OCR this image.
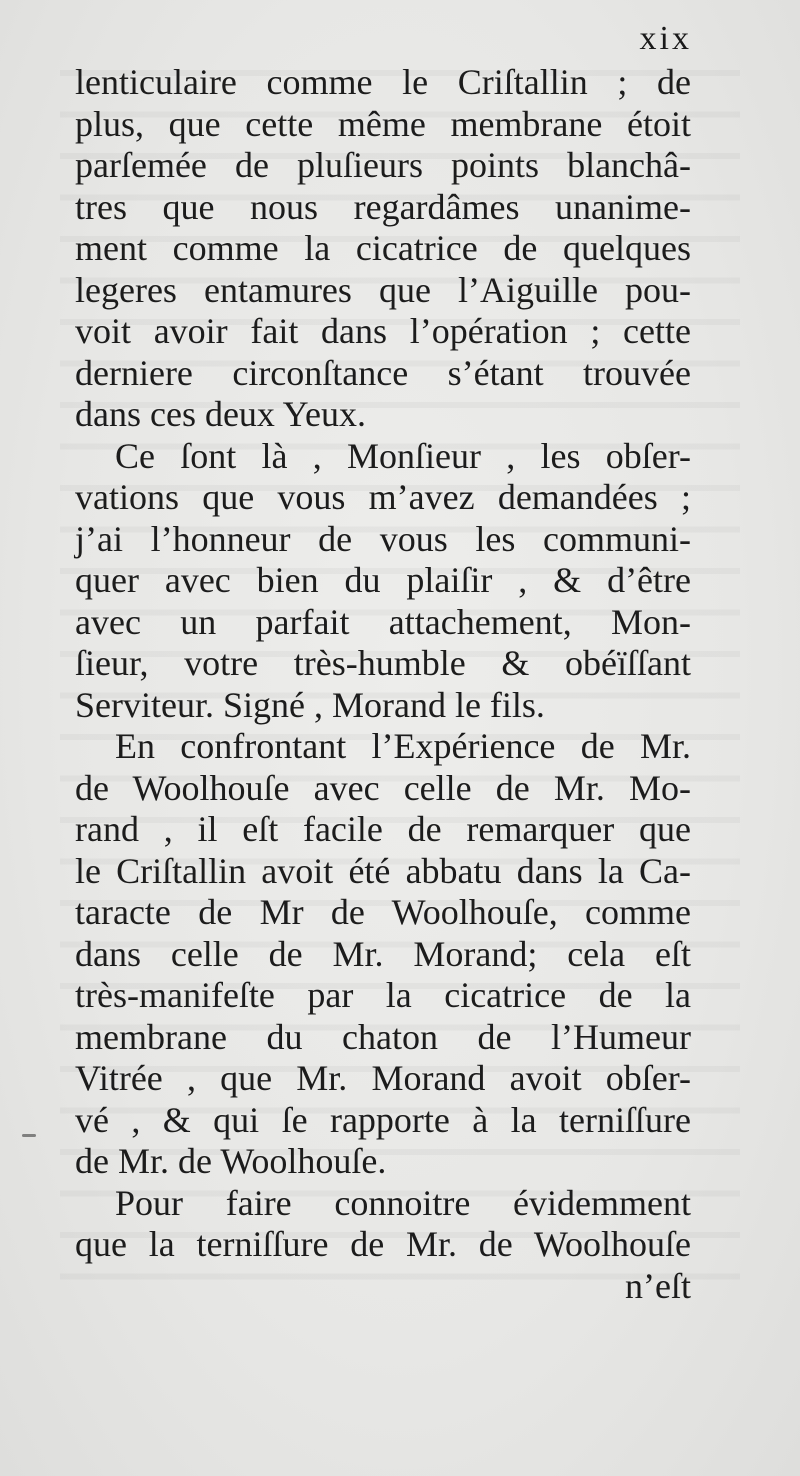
xix
lenticulaire comme le Criſtallin ; de
plus, que cette même membrane étoit
parſemée de pluſieurs points blanchâ-
tres que nous regardâmes unanime-
ment comme la cicatrice de quelques
legeres entamures que l’Aiguille pou-
voit avoir fait dans l’opération ; cette
derniere circonſtance s’étant trouvée
dans ces deux Yeux.
Ce ſont là , Monſieur , les obſer-
vations que vous m’avez demandées ;
j’ai l’honneur de vous les communi-
quer avec bien du plaiſir , & d’être
avec un parfait attachement, Mon-
ſieur, votre très-humble & obéïſſant
Serviteur. Signé , Morand le fils.
En confrontant l’Expérience de Mr.
de Woolhouſe avec celle de Mr. Mo-
rand , il eſt facile de remarquer que
le Criſtallin avoit été abbatu dans la Ca-
taracte de Mr de Woolhouſe, comme
dans celle de Mr. Morand; cela eſt
très-manifeſte par la cicatrice de la
membrane du chaton de l’Humeur
Vitrée , que Mr. Morand avoit obſer-
vé , & qui ſe rapporte à la terniſſure
de Mr. de Woolhouſe.
Pour faire connoitre évidemment
que la terniſſure de Mr. de Woolhouſe
n’eſt
